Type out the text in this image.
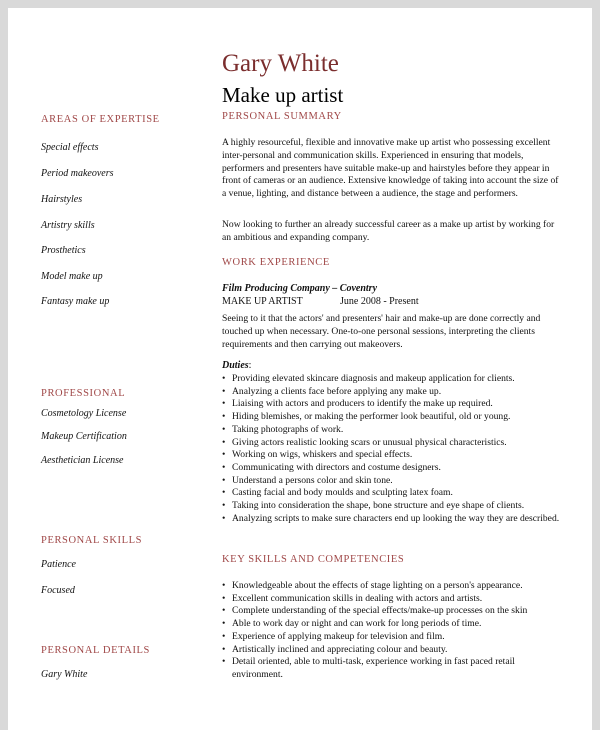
Gary White
Make up artist
AREAS OF EXPERTISE
Special effects
Period makeovers
Hairstyles
Artistry skills
Prosthetics
Model make up
Fantasy make up
PROFESSIONAL
Cosmetology License
Makeup Certification
Aesthetician License
PERSONAL SKILLS
Patience
Focused
PERSONAL DETAILS
Gary White
PERSONAL SUMMARY
A highly resourceful, flexible and innovative make up artist who possessing excellent inter-personal and communication skills. Experienced in ensuring that models, performers and presenters have suitable make-up and hairstyles before they appear in front of cameras or an audience. Extensive knowledge of taking into account the size of a venue, lighting, and distance between a audience, the stage and performers.
Now looking to further an already successful career as a make up artist by working for an ambitious and expanding company.
WORK EXPERIENCE
Film Producing Company – Coventry
MAKE UP ARTIST	June 2008 - Present
Seeing to it that the actors' and presenters' hair and make-up are done correctly and touched up when necessary. One-to-one personal sessions, interpreting the clients requirements and then carrying out makeovers.
Duties:
• Providing elevated skincare diagnosis and makeup application for clients.
• Analyzing a clients face before applying any make up.
• Liaising with actors and producers to identify the make up required.
• Hiding blemishes, or making the performer look beautiful, old or young.
• Taking photographs of work.
• Giving actors realistic looking scars or unusual physical characteristics.
• Working on wigs, whiskers and special effects.
• Communicating with directors and costume designers.
• Understand a persons color and skin tone.
• Casting facial and body moulds and sculpting latex foam.
• Taking into consideration the shape, bone structure and eye shape of clients.
• Analyzing scripts to make sure characters end up looking the way they are described.
KEY SKILLS AND COMPETENCIES
• Knowledgeable about the effects of stage lighting on a person's appearance.
• Excellent communication skills in dealing with actors and artists.
• Complete understanding of the special effects/make-up processes on the skin
• Able to work day or night and can work for long periods of time.
• Experience of applying makeup for television and film.
• Artistically inclined and appreciating colour and beauty.
• Detail oriented, able to multi-task, experience working in fast paced retail environment.
